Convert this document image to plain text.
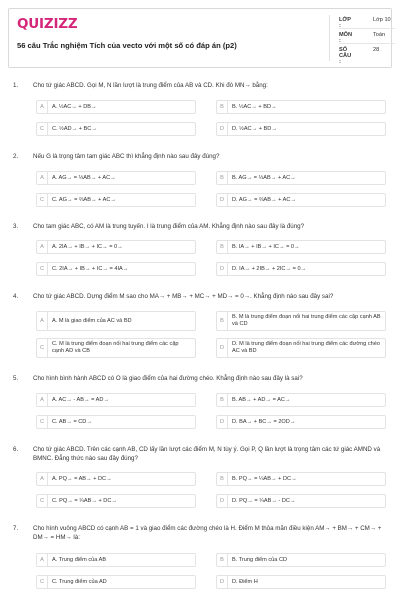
QUIZIZZ
56 câu Trắc nghiệm Tích của vecto với một số có đáp án (p2)
LỚP :
Lớp 10
MÔN :
Toán
SỐ CÂU :
28
1. Cho tứ giác ABCD. Gọi M, N lần lượt là trung điểm của AB và CD. Khi đó MN→ bằng:
A	A. ½AC→ + DB→	B	B. ½AC→ + BD→
C	C. ½AD→ + BC→	D	D. ½AC→ + BD→
2. Nếu G là trọng tâm tam giác ABC thì khẳng định nào sau đây đúng?
A	A. AG→ = ⅓AB→ + AC→	B	B. AG→ = ⅓AB→ + AC→
C	C. AG→ = ⅔AB→ + AC→	D	D. AG→ = ⅔AB→ + AC→
3. Cho tam giác ABC, có AM là trung tuyến. I là trung điểm của AM. Khẳng định nào sau đây là đúng?
A	A. 2IA→ + IB→ + IC→ = 0→	B	B. IA→ + IB→ + IC→ = 0→
C	C. 2IA→ + IB→ + IC→ = 4IA→	D	D. IA→ + 2IB→ + 2IC→ = 0→
4. Cho tứ giác ABCD. Dựng điểm M sao cho MA→ + MB→ + MC→ + MD→ = 0→. Khẳng định nào sau đây sai?
A	A. M là giao điểm của AC và BD	B
B. M là trung điểm đoạn nối hai trung điểm các cặp cạnh AB và CD
C
C. M là trung điểm đoạn nối hai trung điểm các cặp cạnh AD và CB	D
D. M là trung điểm đoạn nối hai trung điểm các đường chéo AC và BD
5. Cho hình bình hành ABCD có O là giao điểm của hai đường chéo. Khẳng định nào sau đây là sai?
A	A. AC→ - AB→ = AD→	B	B. AB→ + AD→ = AC→
C	C. AB→ = CD→	D	D. BA→ + BC→ = 2OD→
6. Cho tứ giác ABCD. Trên các cạnh AB, CD lấy lần lượt các điểm M, N tùy ý. Gọi P, Q lần lượt là trọng tâm các tứ giác AMND và BMNC. Đẳng thức nào sau đây đúng?
A	A. PQ→ = AB→ + DC→	B	B. PQ→ = ¼AB→ + DC→
C	C. PQ→ = ¼AB→ + DC→	D	D. PQ→ = ¼AB→ - DC→
7. Cho hình vuông ABCD có cạnh AB = 1 và giao điểm các đường chéo là H. Điểm M thỏa mãn điều kiện AM→ + BM→ + CM→ + DM→ = HM→ là:
A	A. Trung điểm của AB	B	B. Trung điểm của CD
C	C. Trung điểm của AD	D	D. Điểm H
